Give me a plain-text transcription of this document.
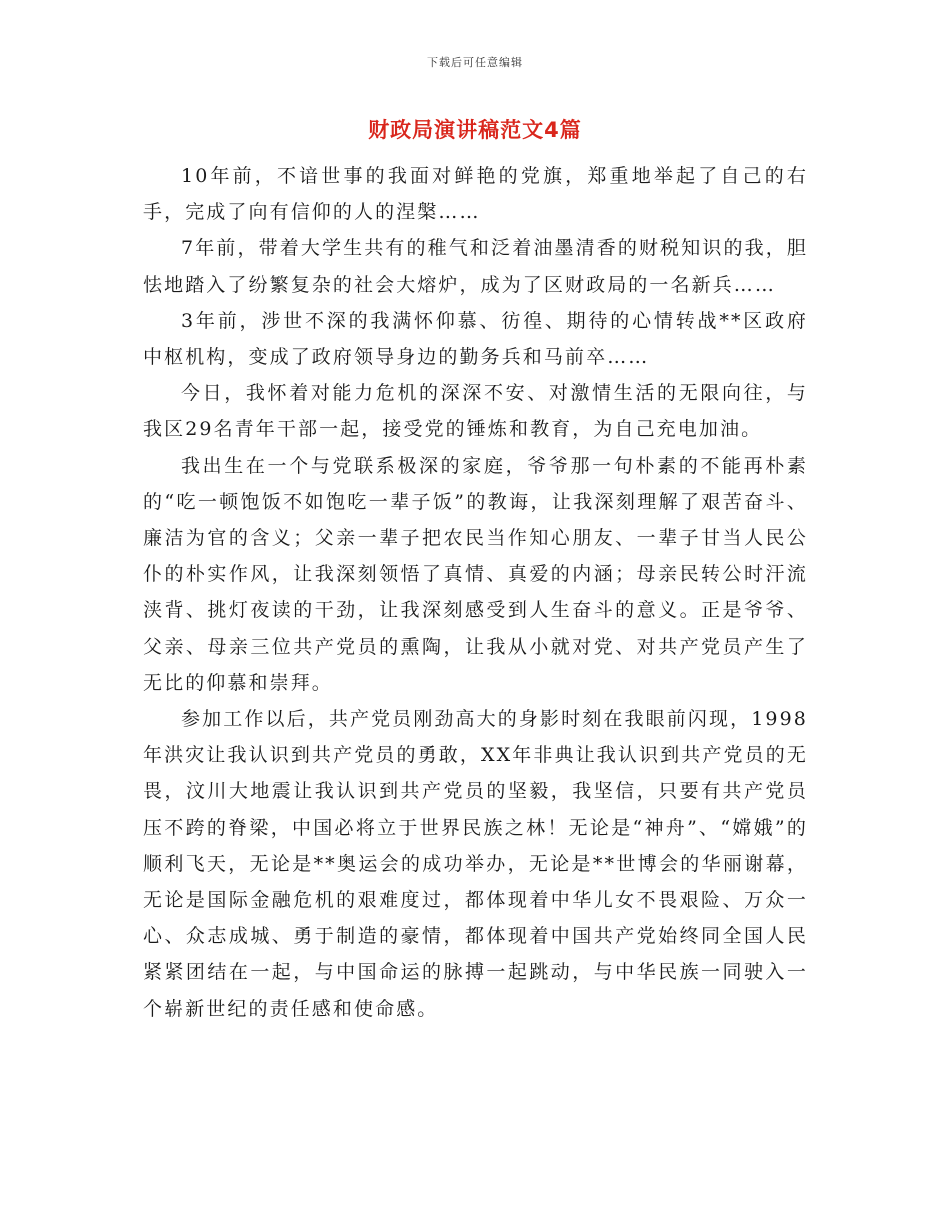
下载后可任意编辑
财政局演讲稿范文4篇

10年前，不谙世事的我面对鲜艳的党旗，郑重地举起了自己的右手，完成了向有信仰的人的涅槃……

7年前，带着大学生共有的稚气和泛着油墨清香的财税知识的我，胆怯地踏入了纷繁复杂的社会大熔炉，成为了区财政局的一名新兵……

3年前，涉世不深的我满怀仰慕、彷徨、期待的心情转战**区政府中枢机构，变成了政府领导身边的勤务兵和马前卒……

今日，我怀着对能力危机的深深不安、对激情生活的无限向往，与我区29名青年干部一起，接受党的锤炼和教育，为自己充电加油。

我出生在一个与党联系极深的家庭，爷爷那一句朴素的不能再朴素的“吃一顿饱饭不如饱吃一辈子饭”的教诲，让我深刻理解了艰苦奋斗、廉洁为官的含义；父亲一辈子把农民当作知心朋友、一辈子甘当人民公仆的朴实作风，让我深刻领悟了真情、真爱的内涵；母亲民转公时汗流浃背、挑灯夜读的干劲，让我深刻感受到人生奋斗的意义。正是爷爷、父亲、母亲三位共产党员的熏陶，让我从小就对党、对共产党员产生了无比的仰慕和崇拜。

参加工作以后，共产党员刚劲高大的身影时刻在我眼前闪现，1998年洪灾让我认识到共产党员的勇敢，XX年非典让我认识到共产党员的无畏，汶川大地震让我认识到共产党员的坚毅，我坚信，只要有共产党员压不跨的脊梁，中国必将立于世界民族之林！无论是“神舟”、“嫦娥”的顺利飞天，无论是**奥运会的成功举办，无论是**世博会的华丽谢幕，无论是国际金融危机的艰难度过，都体现着中华儿女不畏艰险、万众一心、众志成城、勇于制造的豪情，都体现着中国共产党始终同全国人民紧紧团结在一起，与中国命运的脉搏一起跳动，与中华民族一同驶入一个崭新世纪的责任感和使命感。
